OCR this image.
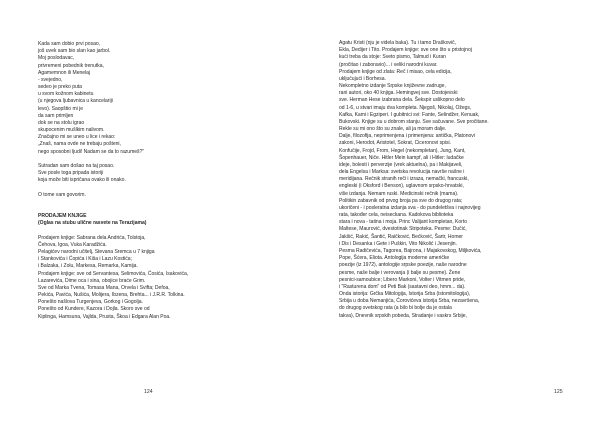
Kada sam dobio prvi posao,
još uvek sam bio slan kao jarbol.
Moj poslodavac,
privremeni pobednik trenutka,
Agamemnon ili Menelaj
- svejedno,
sedeo je preko puta
u svom kožnom kabinetu
(u njegova ljubavnica u kancelariji
levo). Saopštio mi je
da sam primljen
dok se na stolu igrao
skupocenim mušlkim nalivom.
Značajno mi se uneo u lice i rekao:
„Znaš, nama ovde ne trebaju pošteni,
nego sposobni ljudi! Nadam se da to razumeš?"
Sutradan sam došao na taj posao.
Sve posle toga pripada istoriji
koja može biti ispričana ovako ili onako.
O tome vam govorim.
PRODAJEM KNJIGE
(Oglas na stubu ulične rasvete na Terazijama)
Prodajem knjige: Sabrana dela Andrića, Tolstoja,
Čehova, Igoa, Vuka Karadžića.
Pelagićev narodni učitelj, Stevana Sremca u 7 knjiga
i Stankovića i Ćopića i Kiša i Lazu Kostića;
i Balzaka, i Zolu, Markesa, Remarka, Kamija.
Prodajem knjige: sve od Servantesa, Selimovića, Ćosića, Isakovića,
Lazarevića, Dime oca i sina, obojice braće Grim.
Sve od Marka Tvena, Tomasa Mana, Orvela i Svifta; Defoa,
Pekića, Pavića, Nušića, Molijera, Ibzena, Brehta... i J.R.R. Tolkina.
Ponešto našlova Turgenjeva, Gorkog i Gogolja.
Ponešto od Kundere, Kazora i Dojla. Skoro sve od
Kiplinga, Hamsuna, Vajlda, Prusta, Škoa i Edgara Alan Poa.
124
Agatu Kristi (nju je videla baka). Tu i tamo Draškovič,
Ekla, Dedijer i Tito. Prodajem knjige: sve one što u pristojnoj
kući treba da stoje: Sveto pismo, Talmud i Kuran
(pročitao i zaboravio)... i veliki narodni kuvar.
Prodajem knjige od zlata: Reč i misao, cela edicija,
uključujući i Borhesa.
Nekompletno izdanje Srpske književne zadruge,
rani autori, oko 40 knjiga. Hemingvej sve. Dostojevski
sve. Herman Hese izabrana dela. Šekspir uslikopno delo
od 1-6, u stvari imaju dva kompleta. Njegoš, Nikolaj, Ožegs,
Kafka, Kami i Egziperi. I gubitnici svi: Fante, Selindžer, Kenuak,
Bukovski. Knjige su u dobrom stanju. Sve sačuvane. Sve pročitane.
Rekle su mi ono što su znale, ali ja moram dalje.
Dalje, filozofija, neprimenjena i primenjena: antička, Platonovi
zakoni, Herodot, Aristotel, Sokrat, Ciceronovi spisi.
Konfučije, Frojd, From, Hegel (nekompletan), Jung, Kant,
Šopenhauer, Niče. Hitler Mein kampf, ali i Hitler: ludačke
ideje, bolesti i perverzije (vrek aktuelna), pa i Makijaveli,
dela Engelsa i Marksa: svetska revolucija navrše našne i
meridijana. Rečnik stranih reči i izraza, nemački, francuski,
engleski (i Oksford i Benson), uglavnom srpsko-hrvatski,
više izdanja. Nemam ruski. Medicinski rečnik (mama).
Politikin zabavnik od prvog broja pa sve do drugog rata;
ukoričeni - i posleratna izdanja sva - do pundeletšva i najnovijeg
rata, također cela, neiseckana. Kadokova biblioteka
stara i nova - tatina i moja. Princ Valijant kompletan, Korto
Maltese, Maurović, dvestotinak Stripoteka. Pesme: Dučić,
Jakšić, Rakić, Šantić, Raičković, Bećković, Šartr, Homer
i Dis i Desanka i Gete i Puškin, Vito Nikolić i Jesenjin.
Pesma Radičevića, Tagorea, Bajrona, i Majakovskog, Miljkovića,
Pope, Šćera, Eliota. Antologija moderne američke
poezije (iz 1972), antologije srpske poezije, naše narodne
pesme, naše balje i verovanja (i balje su pesme). Žene
pesnici-samoubice; Libero Markoni, Volter i Vitmen pride,
i "Rasturena dom" od Peti Bak (sastavni deo, hmm... da).
Onda istorija: Grčka Mitologija, Istorija Srba (istomitologija),
Srbija u doba Nemanjića, Ćorovićeva istorija Srba, nezavršena,
do drugog svetskog rata (a bilo bi bolje da je ostala
takva), Dnevnik srpskih pobeda, Stradanje i vaskrs Srbije,
125
